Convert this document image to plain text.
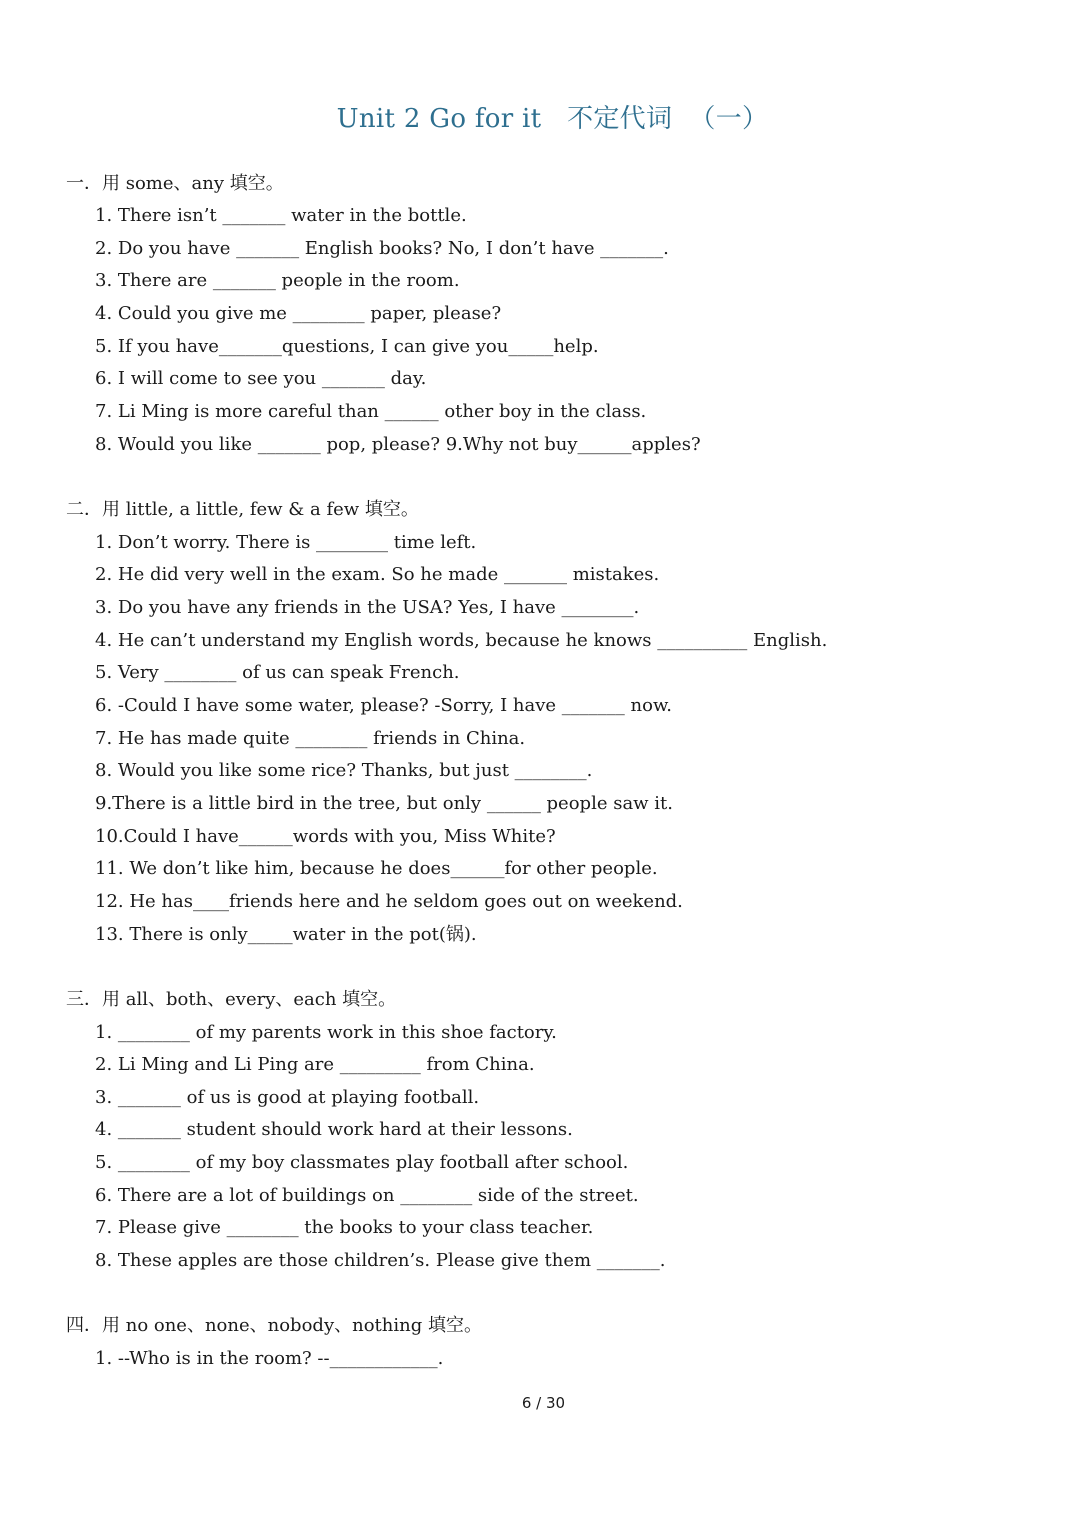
Unit 2 Go for it   不定代词  （一）
一．用 some、any 填空。
1. There isn’t _______ water in the bottle.
2. Do you have _______ English books? No, I don’t have _______.
3. There are _______ people in the room.
4. Could you give me ________ paper, please?
5. If you have_______questions, I can give you_____help.
6. I will come to see you _______ day.
7. Li Ming is more careful than ______ other boy in the class.
8. Would you like _______ pop, please? 9.Why not buy______apples?
二．用 little, a little, few & a few 填空。
1. Don’t worry. There is ________ time left.
2. He did very well in the exam. So he made _______ mistakes.
3. Do you have any friends in the USA? Yes, I have ________.
4. He can’t understand my English words, because he knows __________ English.
5. Very ________ of us can speak French.
6. -Could I have some water, please? -Sorry, I have _______ now.
7. He has made quite ________ friends in China.
8. Would you like some rice? Thanks, but just ________.
9.There is a little bird in the tree, but only ______ people saw it.
10.Could I have______words with you, Miss White?
11. We don’t like him, because he does______for other people.
12. He has____friends here and he seldom goes out on weekend.
13. There is only_____water in the pot(锅).
三．用 all、both、every、each 填空。
1. ________ of my parents work in this shoe factory.
2. Li Ming and Li Ping are _________ from China.
3. _______ of us is good at playing football.
4. _______ student should work hard at their lessons.
5. ________ of my boy classmates play football after school.
6. There are a lot of buildings on ________ side of the street.
7. Please give ________ the books to your class teacher.
8. These apples are those children’s. Please give them _______.
四．用 no one、none、nobody、nothing 填空。
1. --Who is in the room? --____________.
6 / 30
